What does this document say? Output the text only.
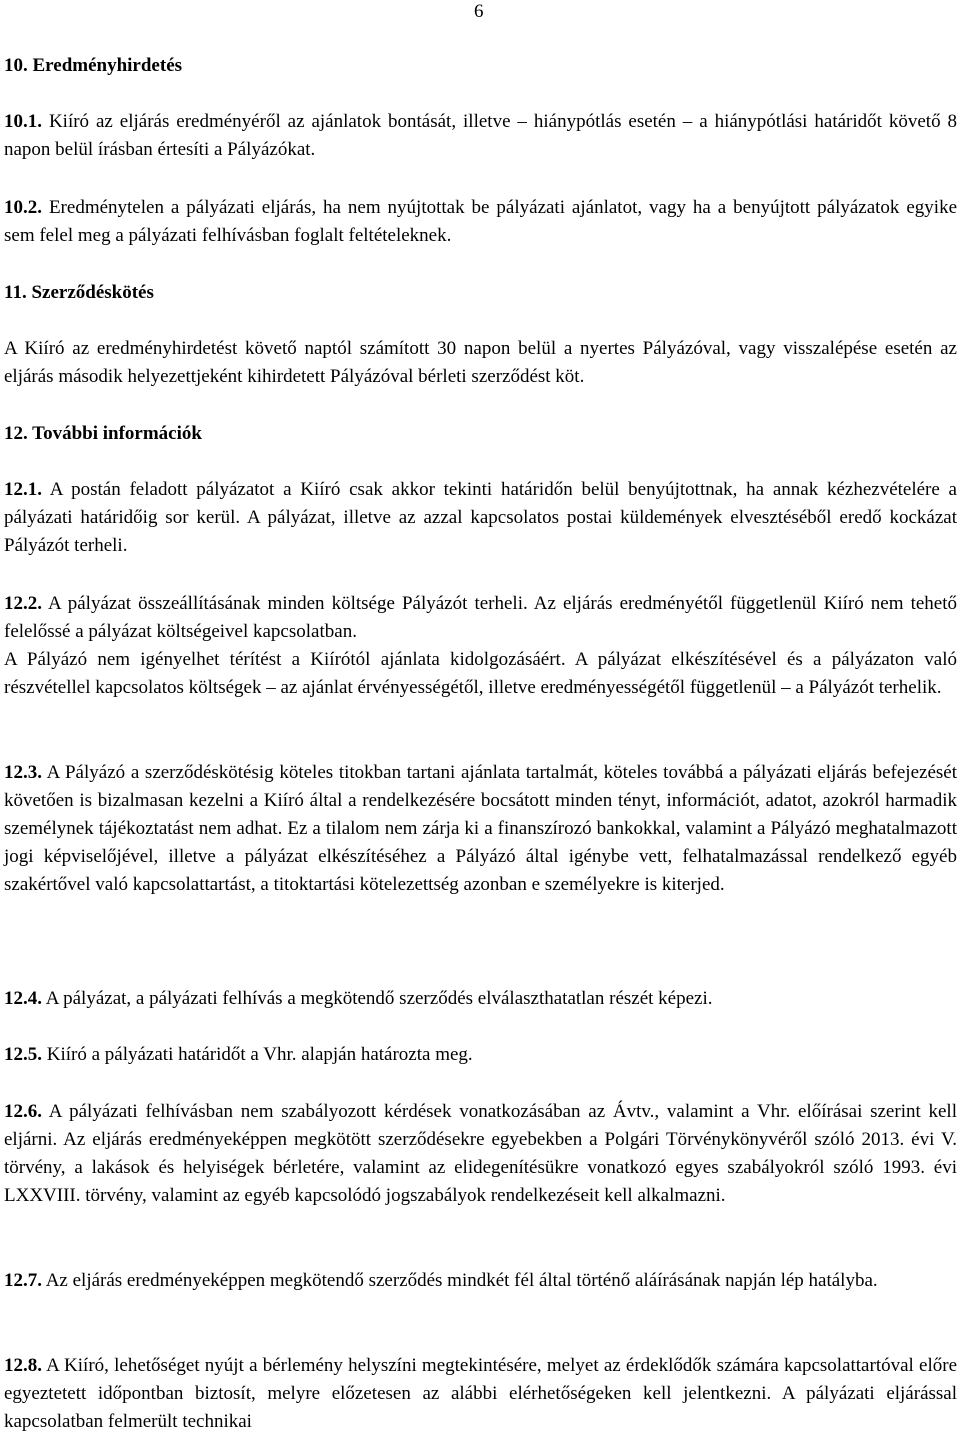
6

10. Eredményhirdetés

10.1. Kiíró az eljárás eredményéről az ajánlatok bontását, illetve – hiánypótlás esetén – a hiánypótlási határidőt követő 8 napon belül írásban értesíti a Pályázókat.

10.2. Eredménytelen a pályázati eljárás, ha nem nyújtottak be pályázati ajánlatot, vagy ha a benyújtott pályázatok egyike sem felel meg a pályázati felhívásban foglalt feltételeknek.

11. Szerződéskötés

A Kiíró az eredményhirdetést követő naptól számított 30 napon belül a nyertes Pályázóval, vagy visszalépése esetén az eljárás második helyezettjeként kihirdetett Pályázóval bérleti szerződést köt.

12. További információk

12.1. A postán feladott pályázatot a Kiíró csak akkor tekinti határidőn belül benyújtottnak, ha annak kézhezvételére a pályázati határidőig sor kerül. A pályázat, illetve az azzal kapcsolatos postai küldemények elvesztéséből eredő kockázat Pályázót terheli.

12.2. A pályázat összeállításának minden költsége Pályázót terheli. Az eljárás eredményétől függetlenül Kiíró nem tehető felelőssé a pályázat költségeivel kapcsolatban.

A Pályázó nem igényelhet térítést a Kiírótól ajánlata kidolgozásáért. A pályázat elkészítésével és a pályázaton való részvétellel kapcsolatos költségek – az ajánlat érvényességétől, illetve eredményességétől függetlenül – a Pályázót terhelik.

12.3. A Pályázó a szerződéskötésig köteles titokban tartani ajánlata tartalmát, köteles továbbá a pályázati eljárás befejezését követően is bizalmasan kezelni a Kiíró által a rendelkezésére bocsátott minden tényt, információt, adatot, azokról harmadik személynek tájékoztatást nem adhat. Ez a tilalom nem zárja ki a finanszírozó bankokkal, valamint a Pályázó meghatalmazott jogi képviselőjével, illetve a pályázat elkészítéséhez a Pályázó által igénybe vett, felhatalmazással rendelkező egyéb szakértővel való kapcsolattartást, a titoktartási kötelezettség azonban e személyekre is kiterjed.

12.4. A pályázat, a pályázati felhívás a megkötendő szerződés elválaszthatatlan részét képezi.

12.5. Kiíró a pályázati határidőt a Vhr. alapján határozta meg.

12.6. A pályázati felhívásban nem szabályozott kérdések vonatkozásában az Ávtv., valamint a Vhr. előírásai szerint kell eljárni. Az eljárás eredményeképpen megkötött szerződésekre egyebekben a Polgári Törvénykönyvéről szóló 2013. évi V. törvény, a lakások és helyiségek bérletére, valamint az elidegenítésükre vonatkozó egyes szabályokról szóló 1993. évi LXXVIII. törvény, valamint az egyéb kapcsolódó jogszabályok rendelkezéseit kell alkalmazni.

12.7. Az eljárás eredményeképpen megkötendő szerződés mindkét fél által történő aláírásának napján lép hatályba.

12.8. A Kiíró, lehetőséget nyújt a bérlemény helyszíni megtekintésére, melyet az érdeklődők számára kapcsolattartóval előre egyeztetett időpontban biztosít, melyre előzetesen az alábbi elérhetőségeken kell jelentkezni. A pályázati eljárással kapcsolatban felmerült technikai
